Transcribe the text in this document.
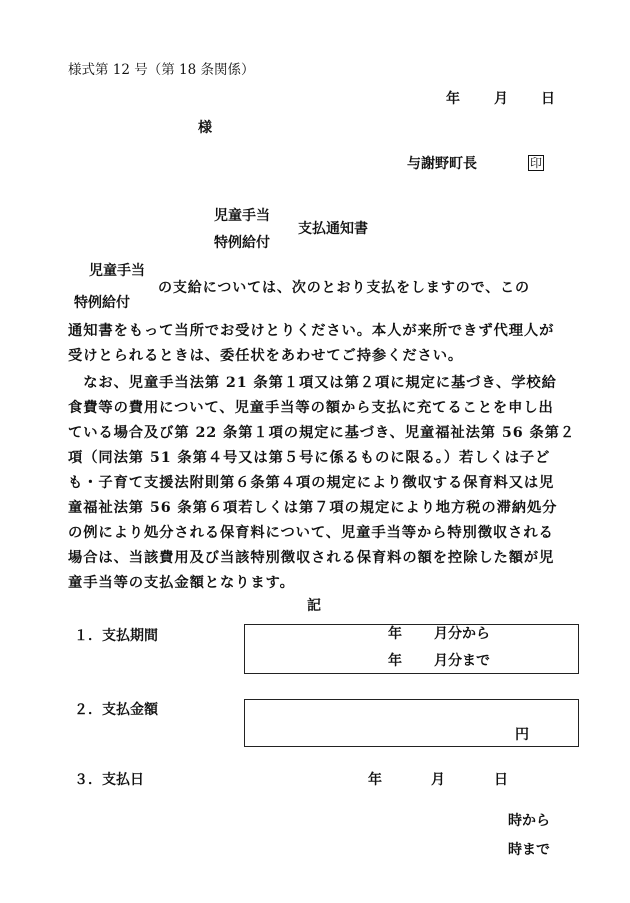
様式第 12 号（第 18 条関係）
年 月 日
様
与謝野町長	印
児童手当
特例給付
支払通知書
児童手当
特例給付
の支給については、次のとおり支払をしますので、この
通知書をもって当所でお受けとりください。本人が来所できず代理人が
受けとられるときは、委任状をあわせてご持参ください。
　なお、児童手当法第 21 条第１項又は第２項に規定に基づき、学校給
食費等の費用について、児童手当等の額から支払に充てることを申し出
ている場合及び第 22 条第１項の規定に基づき、児童福祉法第 56 条第２
項（同法第 51 条第４号又は第５号に係るものに限る。）若しくは子ど
も・子育て支援法附則第６条第４項の規定により徴収する保育料又は児
童福祉法第 56 条第６項若しくは第７項の規定により地方税の滞納処分
の例により処分される保育料について、児童手当等から特別徴収される
場合は、当該費用及び当該特別徴収される保育料の額を控除した額が児
童手当等の支払金額となります。
記
１．支払期間	年 月分から
年 月分まで
２．支払金額
円
３．支払日	年	月	日
時から
時まで
